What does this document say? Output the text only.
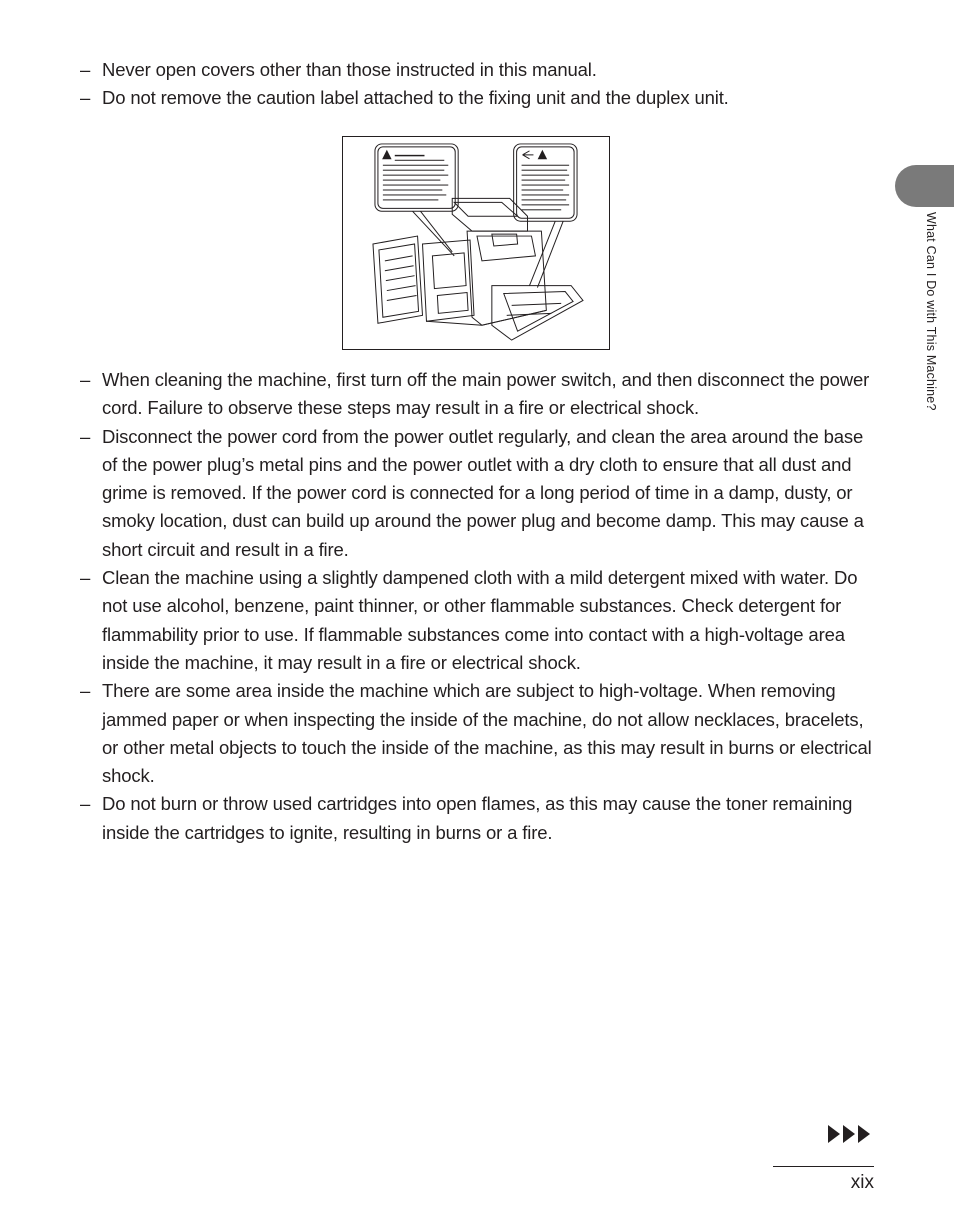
– Never open covers other than those instructed in this manual.
– Do not remove the caution label attached to the fixing unit and the duplex unit.
– When cleaning the machine, first turn off the main power switch, and then disconnect the power cord. Failure to observe these steps may result in a fire or electrical shock.
– Disconnect the power cord from the power outlet regularly, and clean the area around the base of the power plug’s metal pins and the power outlet with a dry cloth to ensure that all dust and grime is removed. If the power cord is connected for a long period of time in a damp, dusty, or smoky location, dust can build up around the power plug and become damp. This may cause a short circuit and result in a fire.
– Clean the machine using a slightly dampened cloth with a mild detergent mixed with water. Do not use alcohol, benzene, paint thinner, or other flammable substances. Check detergent for flammability prior to use. If flammable substances come into contact with a high-voltage area inside the machine, it may result in a fire or electrical shock.
– There are some area inside the machine which are subject to high-voltage. When removing jammed paper or when inspecting the inside of the machine, do not allow necklaces, bracelets, or other metal objects to touch the inside of the machine, as this may result in burns or electrical shock.
– Do not burn or throw used cartridges into open flames, as this may cause the toner remaining inside the cartridges to ignite, resulting in burns or a fire.
What Can I Do with This Machine?
xix
